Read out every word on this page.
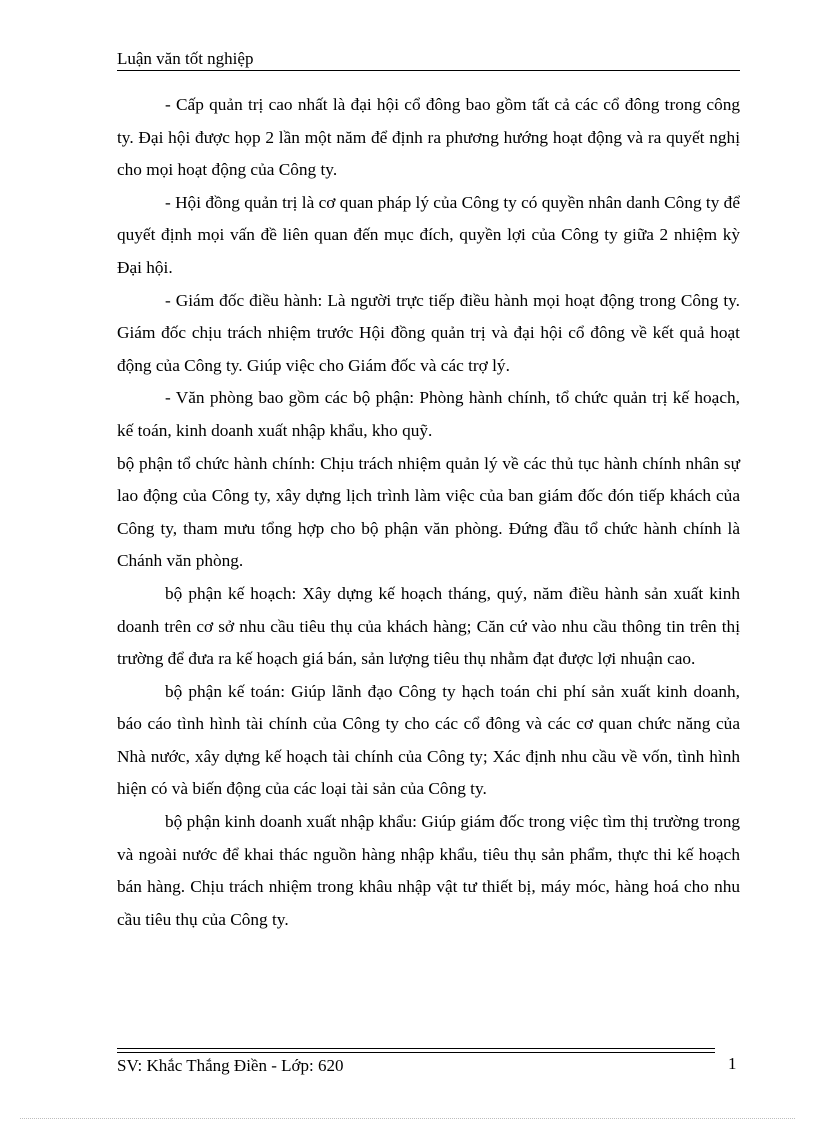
Luận văn tốt nghiệp

- Cấp quản trị cao nhất là đại hội cổ đông bao gồm tất cả các cổ đông trong công ty. Đại hội được họp 2 lần một năm để định ra phương hướng hoạt động và ra quyết nghị cho mọi hoạt động của Công ty.

- Hội đồng quản trị là cơ quan pháp lý của Công ty có quyền nhân danh Công ty để quyết định mọi vấn đề liên quan đến mục đích, quyền lợi của Công ty giữa 2 nhiệm kỳ Đại hội.

- Giám đốc điều hành: Là người trực tiếp điều hành mọi hoạt động trong Công ty. Giám đốc chịu trách nhiệm trước Hội đồng quản trị và đại hội cổ đông về kết quả hoạt động của Công ty. Giúp việc cho Giám đốc và các trợ lý.

- Văn phòng bao gồm các bộ phận: Phòng hành chính, tổ chức quản trị kế hoạch, kế toán, kinh doanh xuất nhập khẩu, kho quỹ.

bộ phận tổ chức hành chính: Chịu trách nhiệm quản lý về các thủ tục hành chính nhân sự lao động của Công ty, xây dựng lịch trình làm việc của ban giám đốc đón tiếp khách của Công ty, tham mưu tổng hợp cho bộ phận văn phòng. Đứng đầu tổ chức hành chính là Chánh văn phòng.

bộ phận kế hoạch: Xây dựng kế hoạch tháng, quý, năm điều hành sản xuất kinh doanh trên cơ sở nhu cầu tiêu thụ của khách hàng; Căn cứ vào nhu cầu thông tin trên thị trường để đưa ra kế hoạch giá bán, sản lượng tiêu thụ nhằm đạt được lợi nhuận cao.

bộ phận kế toán: Giúp lãnh đạo Công ty hạch toán chi phí sản xuất kinh doanh, báo cáo tình hình tài chính của Công ty cho các cổ đông và các cơ quan chức năng của Nhà nước, xây dựng kế hoạch tài chính của Công ty; Xác định nhu cầu về vốn, tình hình hiện có và biến động của các loại tài sản của Công ty.

bộ phận kinh doanh xuất nhập khẩu: Giúp giám đốc trong việc tìm thị trường trong và ngoài nước để khai thác nguồn hàng nhập khẩu, tiêu thụ sản phẩm, thực thi kế hoạch bán hàng. Chịu trách nhiệm trong khâu nhập vật tư thiết bị, máy móc, hàng hoá cho nhu cầu tiêu thụ của Công ty.

SV: Khắc Thắng Điền - Lớp: 620	1
